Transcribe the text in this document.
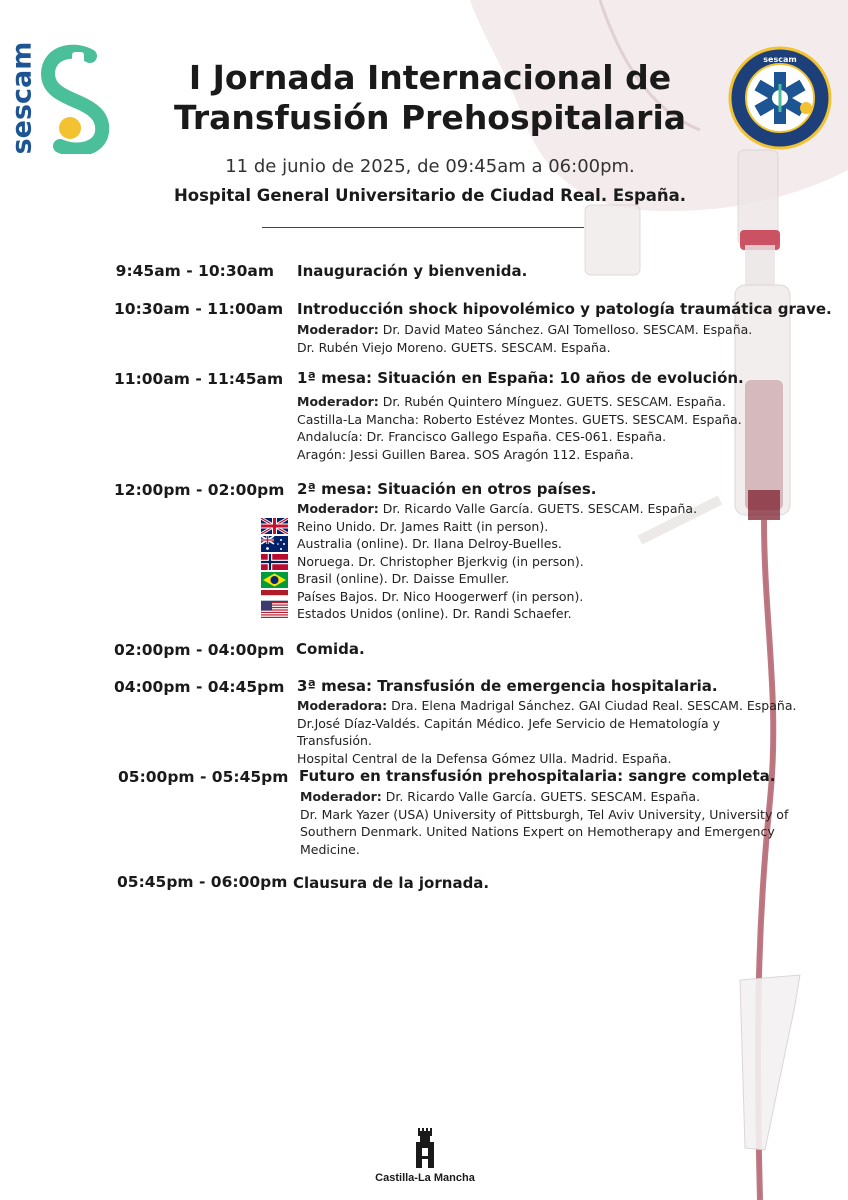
sescam	I Jornada Internacional de
Transfusión Prehospitalaria
11 de junio de 2025, de 09:45am a 06:00pm.
Hospital General Universitario de Ciudad Real. España.
sescam
9:45am - 10:30am Inauguración y bienvenida.
10:30am - 11:00am Introducción shock hipovolémico y patología traumática grave.
Moderador: Dr. David Mateo Sánchez. GAI Tomelloso. SESCAM. España.
Dr. Rubén Viejo Moreno. GUETS. SESCAM. España.
11:00am - 11:45am 1ª mesa: Situación en España: 10 años de evolución.
Moderador: Dr. Rubén Quintero Mínguez. GUETS. SESCAM. España.
Castilla-La Mancha: Roberto Estévez Montes. GUETS. SESCAM. España.
Andalucía: Dr. Francisco Gallego España. CES-061. España.
Aragón: Jessi Guillen Barea. SOS Aragón 112. España.
12:00pm - 02:00pm 2ª mesa: Situación en otros países.
Moderador: Dr. Ricardo Valle García. GUETS. SESCAM. España.
Reino Unido. Dr. James Raitt (in person).
Australia (online). Dr. Ilana Delroy-Buelles.
Noruega. Dr. Christopher Bjerkvig (in person).
Brasil (online). Dr. Daisse Emuller.
Países Bajos. Dr. Nico Hoogerwerf (in person).
Estados Unidos (online). Dr. Randi Schaefer.
02:00pm - 04:00pm Comida.
04:00pm - 04:45pm 3ª mesa: Transfusión de emergencia hospitalaria.
Moderadora: Dra. Elena Madrigal Sánchez. GAI Ciudad Real. SESCAM. España.
Dr.José Díaz-Valdés. Capitán Médico. Jefe Servicio de Hematología y Transfusión.
Hospital Central de la Defensa Gómez Ulla. Madrid. España.
05:00pm - 05:45pm Futuro en transfusión prehospitalaria: sangre completa.
Moderador: Dr. Ricardo Valle García. GUETS. SESCAM. España.
Dr. Mark Yazer (USA) University of Pittsburgh, Tel Aviv University, University of
Southern Denmark. United Nations Expert on Hemotherapy and Emergency
Medicine.
05:45pm - 06:00pm Clausura de la jornada.
Castilla-La Mancha
